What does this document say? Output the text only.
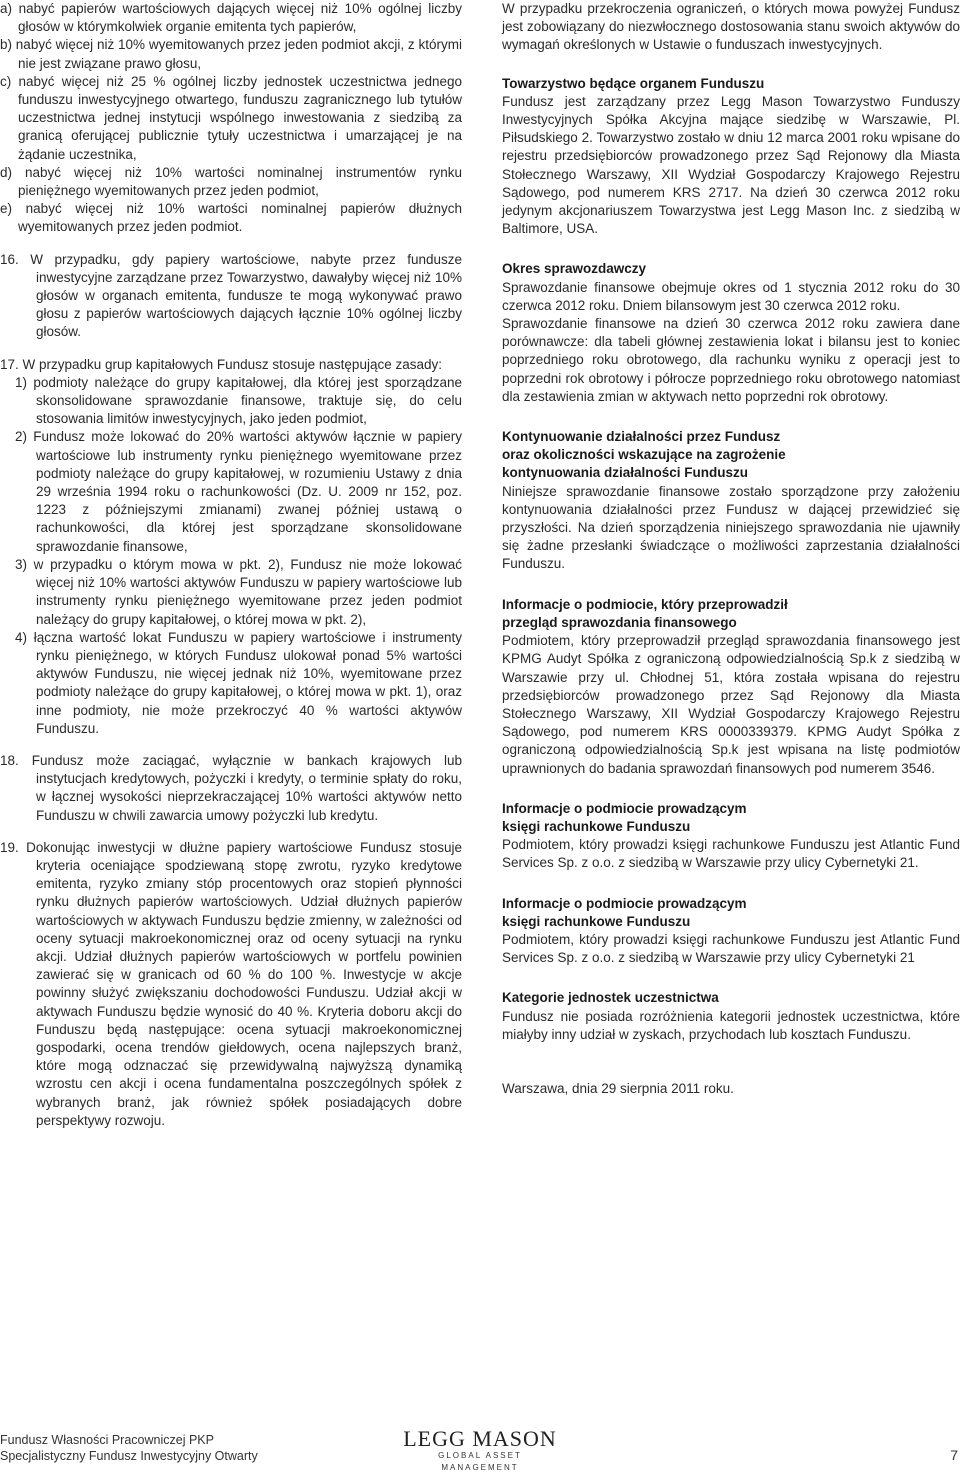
a) nabyć papierów wartościowych dających więcej niż 10% ogólnej liczby głosów w którymkolwiek organie emitenta tych papierów,

b) nabyć więcej niż 10% wyemitowanych przez jeden podmiot akcji, z którymi nie jest związane prawo głosu,

c) nabyć więcej niż 25 % ogólnej liczby jednostek uczestnictwa jednego funduszu inwestycyjnego otwartego, funduszu zagranicznego lub tytułów uczestnictwa jednej instytucji wspólnego inwestowania z siedzibą za granicą oferującej publicznie tytuły uczestnictwa i umarzającej je na żądanie uczestnika,

d) nabyć więcej niż 10% wartości nominalnej instrumentów rynku pieniężnego wyemitowanych przez jeden podmiot,

e) nabyć więcej niż 10% wartości nominalnej papierów dłużnych wyemitowanych przez jeden podmiot.

16. W przypadku, gdy papiery wartościowe, nabyte przez fundusze inwestycyjne zarządzane przez Towarzystwo, dawałyby więcej niż 10% głosów w organach emitenta, fundusze te mogą wykonywać prawo głosu z papierów wartościowych dających łącznie 10% ogólnej liczby głosów.

17. W przypadku grup kapitałowych Fundusz stosuje następujące zasady:

1) podmioty należące do grupy kapitałowej, dla której jest sporządzane skonsolidowane sprawozdanie finansowe, traktuje się, do celu stosowania limitów inwestycyjnych, jako jeden podmiot,

2) Fundusz może lokować do 20% wartości aktywów łącznie w papiery wartościowe lub instrumenty rynku pieniężnego wyemitowane przez podmioty należące do grupy kapitałowej, w rozumieniu Ustawy z dnia 29 września 1994 roku o rachunkowości (Dz. U. 2009 nr 152, poz. 1223 z późniejszymi zmianami) zwanej później ustawą o rachunkowości, dla której jest sporządzane skonsolidowane sprawozdanie finansowe,

3) w przypadku o którym mowa w pkt. 2), Fundusz nie może lokować więcej niż 10% wartości aktywów Funduszu w papiery wartościowe lub instrumenty rynku pieniężnego wyemitowane przez jeden podmiot należący do grupy kapitałowej, o której mowa w pkt. 2),

4) łączna wartość lokat Funduszu w papiery wartościowe i instrumenty rynku pieniężnego, w których Fundusz ulokował ponad 5% wartości aktywów Funduszu, nie więcej jednak niż 10%, wyemitowane przez podmioty należące do grupy kapitałowej, o której mowa w pkt. 1), oraz inne podmioty, nie może przekroczyć 40 % wartości aktywów Funduszu.

18. Fundusz może zaciągać, wyłącznie w bankach krajowych lub instytucjach kredytowych, pożyczki i kredyty, o terminie spłaty do roku, w łącznej wysokości nieprzekraczającej 10% wartości aktywów netto Funduszu w chwili zawarcia umowy pożyczki lub kredytu.

19. Dokonując inwestycji w dłużne papiery wartościowe Fundusz stosuje kryteria oceniające spodziewaną stopę zwrotu, ryzyko kredytowe emitenta, ryzyko zmiany stóp procentowych oraz stopień płynności rynku dłużnych papierów wartościowych. Udział dłużnych papierów wartościowych w aktywach Funduszu będzie zmienny, w zależności od oceny sytuacji makroekonomicznej oraz od oceny sytuacji na rynku akcji. Udział dłużnych papierów wartościowych w portfelu powinien zawierać się w granicach od 60 % do 100 %. Inwestycje w akcje powinny służyć zwiększaniu dochodowości Funduszu. Udział akcji w aktywach Funduszu będzie wynosić do 40 %. Kryteria doboru akcji do Funduszu będą następujące: ocena sytuacji makroekonomicznej gospodarki, ocena trendów giełdowych, ocena najlepszych branż, które mogą odznaczać się przewidywalną najwyższą dynamiką wzrostu cen akcji i ocena fundamentalna poszczególnych spółek z wybranych branż, jak również spółek posiadających dobre perspektywy rozwoju.

W przypadku przekroczenia ograniczeń, o których mowa powyżej Fundusz jest zobowiązany do niezwłocznego dostosowania stanu swoich aktywów do wymagań określonych w Ustawie o funduszach inwestycyjnych.

Towarzystwo będące organem Funduszu

Fundusz jest zarządzany przez Legg Mason Towarzystwo Funduszy Inwestycyjnych Spółka Akcyjna mające siedzibę w Warszawie, Pl. Piłsudskiego 2. Towarzystwo zostało w dniu 12 marca 2001 roku wpisane do rejestru przedsiębiorców prowadzonego przez Sąd Rejonowy dla Miasta Stołecznego Warszawy, XII Wydział Gospodarczy Krajowego Rejestru Sądowego, pod numerem KRS 2717. Na dzień 30 czerwca 2012 roku jedynym akcjonariuszem Towarzystwa jest Legg Mason Inc. z siedzibą w Baltimore, USA.

Okres sprawozdawczy

Sprawozdanie finansowe obejmuje okres od 1 stycznia 2012 roku do 30 czerwca 2012 roku. Dniem bilansowym jest 30 czerwca 2012 roku.

Sprawozdanie finansowe na dzień 30 czerwca 2012 roku zawiera dane porównawcze: dla tabeli głównej zestawienia lokat i bilansu jest to koniec poprzedniego roku obrotowego, dla rachunku wyniku z operacji jest to poprzedni rok obrotowy i półrocze poprzedniego roku obrotowego natomiast dla zestawienia zmian w aktywach netto poprzedni rok obrotowy.

Kontynuowanie działalności przez Fundusz

oraz okoliczności wskazujące na zagrożenie

kontynuowania działalności Funduszu

Niniejsze sprawozdanie finansowe zostało sporządzone przy założeniu kontynuowania działalności przez Fundusz w dającej przewidzieć się przyszłości. Na dzień sporządzenia niniejszego sprawozdania nie ujawniły się żadne przesłanki świadczące o możliwości zaprzestania działalności Funduszu.

Informacje o podmiocie, który przeprowadził

przegląd sprawozdania finansowego

Podmiotem, który przeprowadził przegląd sprawozdania finansowego jest KPMG Audyt Spółka z ograniczoną odpowiedzialnością Sp.k z siedzibą w Warszawie przy ul. Chłodnej 51, która została wpisana do rejestru przedsiębiorców prowadzonego przez Sąd Rejonowy dla Miasta Stołecznego Warszawy, XII Wydział Gospodarczy Krajowego Rejestru Sądowego, pod numerem KRS 0000339379. KPMG Audyt Spółka z ograniczoną odpowiedzialnością Sp.k jest wpisana na listę podmiotów uprawnionych do badania sprawozdań finansowych pod numerem 3546.

Informacje o podmiocie prowadzącym

księgi rachunkowe Funduszu

Podmiotem, który prowadzi księgi rachunkowe Funduszu jest Atlantic Fund Services Sp. z o.o. z siedzibą w Warszawie przy ulicy Cybernetyki 21.

Informacje o podmiocie prowadzącym

księgi rachunkowe Funduszu

Podmiotem, który prowadzi księgi rachunkowe Funduszu jest Atlantic Fund Services Sp. z o.o. z siedzibą w Warszawie przy ulicy Cybernetyki 21

Kategorie jednostek uczestnictwa

Fundusz nie posiada rozróżnienia kategorii jednostek uczestnictwa, które miałyby inny udział w zyskach, przychodach lub kosztach Funduszu.

Warszawa, dnia 29 sierpnia 2011 roku.

Fundusz Własności Pracowniczej PKP
Specjalistyczny Fundusz Inwestycyjny Otwarty
LEGG MASON
GLOBAL ASSET MANAGEMENT
7
